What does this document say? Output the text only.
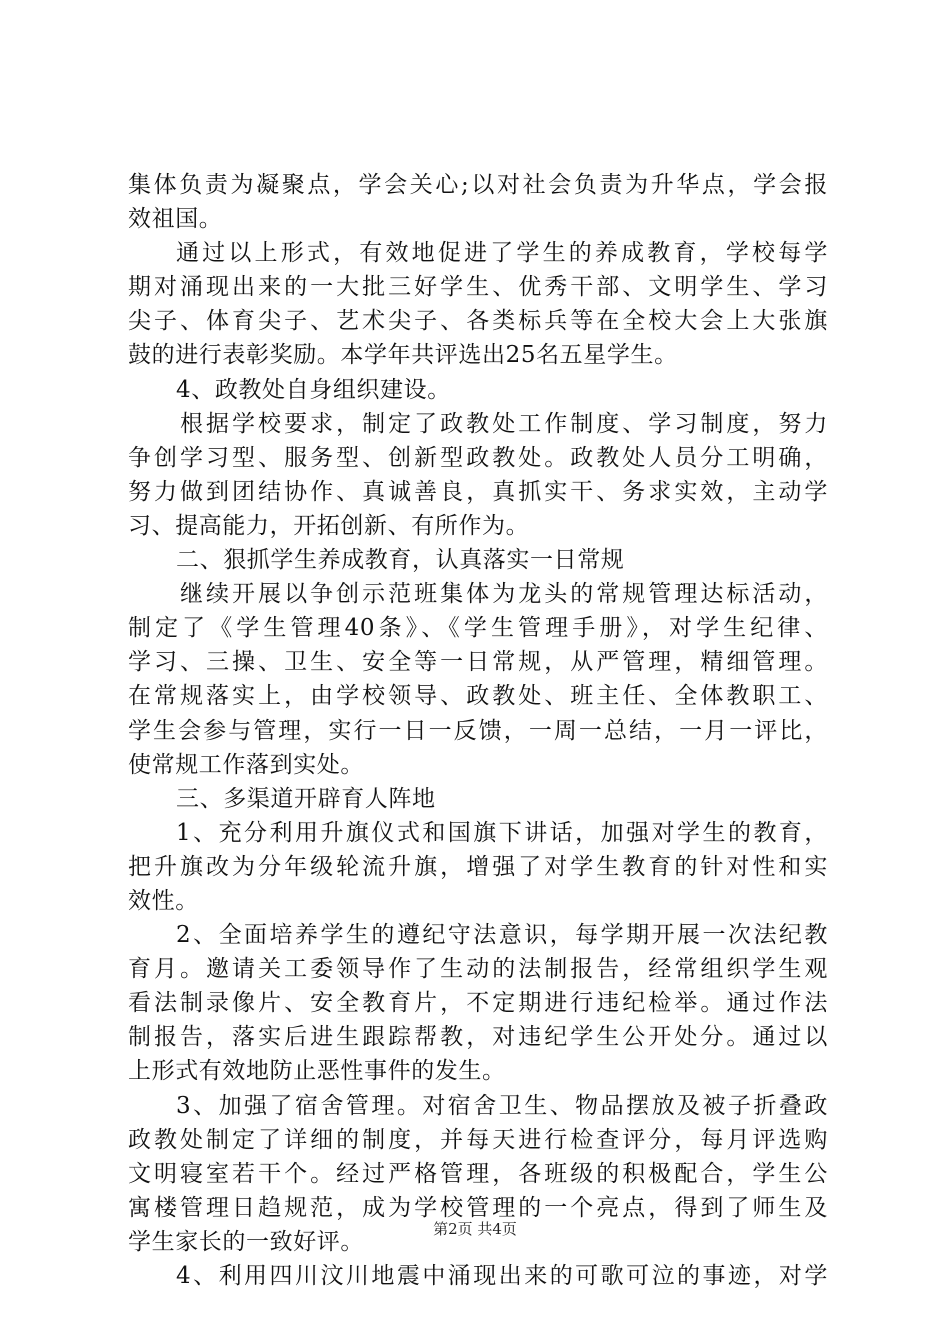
集体负责为凝聚点，学会关心;以对社会负责为升华点，学会报
效祖国。
通过以上形式，有效地促进了学生的养成教育，学校每学
期对涌现出来的一大批三好学生、优秀干部、文明学生、学习
尖子、体育尖子、艺术尖子、各类标兵等在全校大会上大张旗
鼓的进行表彰奖励。本学年共评选出25名五星学生。
4、政教处自身组织建设。
根据学校要求，制定了政教处工作制度、学习制度，努力
争创学习型、服务型、创新型政教处。政教处人员分工明确，
努力做到团结协作、真诚善良，真抓实干、务求实效，主动学
习、提高能力，开拓创新、有所作为。
二、狠抓学生养成教育，认真落实一日常规
继续开展以争创示范班集体为龙头的常规管理达标活动，
制定了《学生管理40条》、《学生管理手册》，对学生纪律、
学习、三操、卫生、安全等一日常规，从严管理，精细管理。
在常规落实上，由学校领导、政教处、班主任、全体教职工、
学生会参与管理，实行一日一反馈，一周一总结，一月一评比，
使常规工作落到实处。
三、多渠道开辟育人阵地
1、充分利用升旗仪式和国旗下讲话，加强对学生的教育，
把升旗改为分年级轮流升旗，增强了对学生教育的针对性和实
效性。
2、全面培养学生的遵纪守法意识，每学期开展一次法纪教
育月。邀请关工委领导作了生动的法制报告，经常组织学生观
看法制录像片、安全教育片，不定期进行违纪检举。通过作法
制报告，落实后进生跟踪帮教，对违纪学生公开处分。通过以
上形式有效地防止恶性事件的发生。
3、加强了宿舍管理。对宿舍卫生、物品摆放及被子折叠政
政教处制定了详细的制度，并每天进行检查评分，每月评选购
文明寝室若干个。经过严格管理，各班级的积极配合，学生公
寓楼管理日趋规范，成为学校管理的一个亮点，得到了师生及
学生家长的一致好评。
4、利用四川汶川地震中涌现出来的可歌可泣的事迹，对学
第2页 共4页
